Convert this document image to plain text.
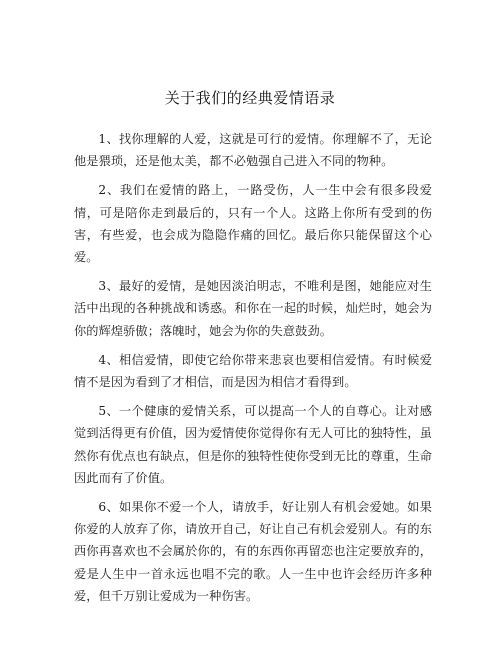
关于我们的经典爱情语录

1、找你理解的人爱，这就是可行的爱情。你理解不了，无论他是猥琐，还是他太美，都不必勉强自己进入不同的物种。

2、我们在爱情的路上，一路受伤，人一生中会有很多段爱情，可是陪你走到最后的，只有一个人。这路上你所有受到的伤害，有些爱，也会成为隐隐作痛的回忆。最后你只能保留这个心爱。

3、最好的爱情，是她因淡泊明志，不唯利是图，她能应对生活中出现的各种挑战和诱惑。和你在一起的时候，灿烂时，她会为你的辉煌骄傲；落魄时，她会为你的失意鼓劲。

4、相信爱情，即使它给你带来悲哀也要相信爱情。有时候爱情不是因为看到了才相信，而是因为相信才看得到。

5、一个健康的爱情关系，可以提高一个人的自尊心。让对感觉到活得更有价值，因为爱情使你觉得你有无人可比的独特性，虽然你有优点也有缺点，但是你的独特性使你受到无比的尊重，生命因此而有了价值。

6、如果你不爱一个人，请放手，好让别人有机会爱她。如果你爱的人放弃了你，请放开自己，好让自己有机会爱别人。有的东西你再喜欢也不会属於你的，有的东西你再留恋也注定要放弃的，爱是人生中一首永远也唱不完的歌。人一生中也许会经历许多种爱，但千万别让爱成为一种伤害。
